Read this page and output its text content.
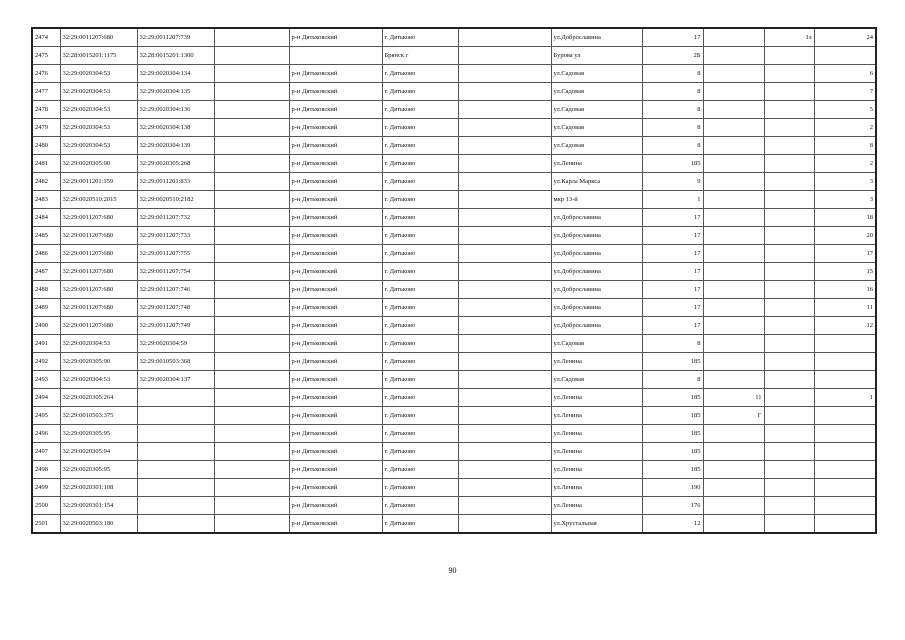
2474	32:29:0011207:680	32:29:0011207:739		р-н Дятьковский	г. Дятьково		ул.Доброславина	17		1э	24
2475	32:28:0015201:1175	32:28:0015201:1300			Брянск г		Бурова ул	2Б			
2476	32:29:0020304:53	32:29:0020304:134		р-н Дятьковский	г. Дятьково		ул.Садовая	8			6
2477	32:29:0020304:53	32:29:0020304:135		р-н Дятьковский	г. Дятьково		ул.Садовая	8			7
2478	32:29:0020304:53	32:29:0020304:136		р-н Дятьковский	г. Дятьково		ул.Садовая	8			5
2479	32:29:0020304:53	32:29:0020304:138		р-н Дятьковский	г. Дятьково		ул.Садовая	8			2
2480	32:29:0020304:53	32:29:0020304:139		р-н Дятьковский	г. Дятьково		ул.Садовая	8			8
2481	32:29:0020305:90	32:29:0020305:268		р-н Дятьковский	г. Дятьково		ул.Ленина	185			2
2482	32:29:0011201:159	32:29:0011201:833		р-н Дятьковский	г. Дятьково		ул.Карла Маркса	9			3
2483	32:29:0020510:2015	32:29:0020510:2182		р-н Дятьковский	г. Дятьково		мкр 13-й	1			3
2484	32:29:0011207:680	32:29:0011207:732		р-н Дятьковский	г. Дятьково		ул.Доброславина	17			18
2485	32:29:0011207:680	32:29:0011207:733		р-н Дятьковский	г. Дятьково		ул.Доброславина	17			20
2486	32:29:0011207:680	32:29:0011207:755		р-н Дятьковский	г. Дятьково		ул.Доброславина	17			17
2487	32:29:0011207:680	32:29:0011207:754		р-н Дятьковский	г. Дятьково		ул.Доброславина	17			15
2488	32:29:0011207:680	32:29:0011207:746		р-н Дятьковский	г. Дятьково		ул.Доброславина	17			16
2489	32:29:0011207:680	32:29:0011207:748		р-н Дятьковский	г. Дятьково		ул.Доброславина	17			11
2490	32:29:0011207:680	32:29:0011207:749		р-н Дятьковский	г. Дятьково		ул.Доброславина	17			12
2491	32:29:0020304:53	32:29:0020304:59		р-н Дятьковский	г. Дятьково		ул.Садовая	8			
2492	32:29:0020305:90	32:29:0010503:368		р-н Дятьковский	г. Дятьково		ул.Ленина	185			
2493	32:29:0020304:53	32:29:0020304:137		р-н Дятьковский	г. Дятьково		ул.Садовая	8			
2494	32:29:0020305:264			р-н Дятьковский	г. Дятьково		ул.Ленина	185	11		1
2495	32:29:0010503:375			р-н Дятьковский	г. Дятьково		ул.Ленина	185	Г		
2496	32:29:0020305:95			р-н Дятьковский	г. Дятьково		ул.Ленина	185			
2497	32:29:0020305:94			р-н Дятьковский	г. Дятьково		ул.Ленина	185			
2498	32:29:0020305:95			р-н Дятьковский	г. Дятьково		ул.Ленина	185			
2499	32:29:0020301:108			р-н Дятьковский	г. Дятьково		ул.Ленина	190			
2500	32:29:0020301:154			р-н Дятьковский	г. Дятьково		ул.Ленина	176			
2501	32:29:0020503:180			р-н Дятьковский	г. Дятьково		ул.Хрустальная	12			
90
